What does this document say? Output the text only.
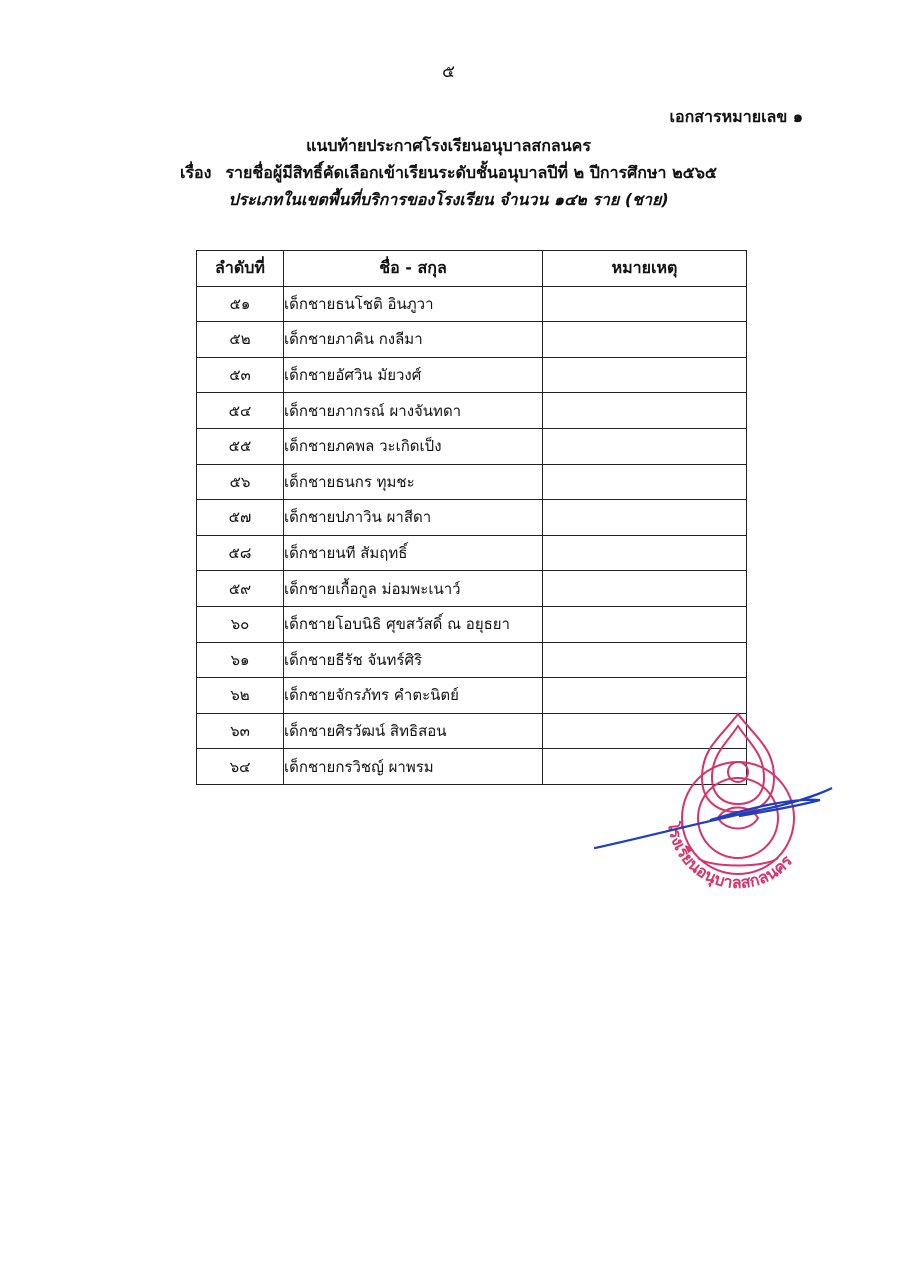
๕
เอกสารหมายเลข ๑
แนบท้ายประกาศโรงเรียนอนุบาลสกลนคร
เรื่อง รายชื่อผู้มีสิทธิ์คัดเลือกเข้าเรียนระดับชั้นอนุบาลปีที่ ๒ ปีการศึกษา ๒๕๖๕
ประเภทในเขตพื้นที่บริการของโรงเรียน จำนวน ๑๔๒ ราย (ชาย)
ลำดับที่	ชื่อ - สกุล	หมายเหตุ
๕๑	เด็กชายธนโชติ อินภูวา	
๕๒	เด็กชายภาคิน กงลีมา	
๕๓	เด็กชายอัศวิน มัยวงศ์	
๕๔	เด็กชายภากรณ์ ผางจันทดา	
๕๕	เด็กชายภคพล วะเกิดเป็ง	
๕๖	เด็กชายธนกร ทุมชะ	
๕๗	เด็กชายปภาวิน ผาสีดา	
๕๘	เด็กชายนที สัมฤทธิ์	
๕๙	เด็กชายเกื้อกูล ม่อมพะเนาว์	
๖๐	เด็กชายโอบนิธิ ศุขสวัสดิ์ ณ อยุธยา	
๖๑	เด็กชายธีรัช จันทร์ศิริ	
๖๒	เด็กชายจักรภัทร คำตะนิตย์	
๖๓	เด็กชายศิรวัฒน์ สิทธิสอน	
๖๔	เด็กชายกรวิชญ์ ผาพรม	
โรงเรียนอนุบาลสกลนคร
